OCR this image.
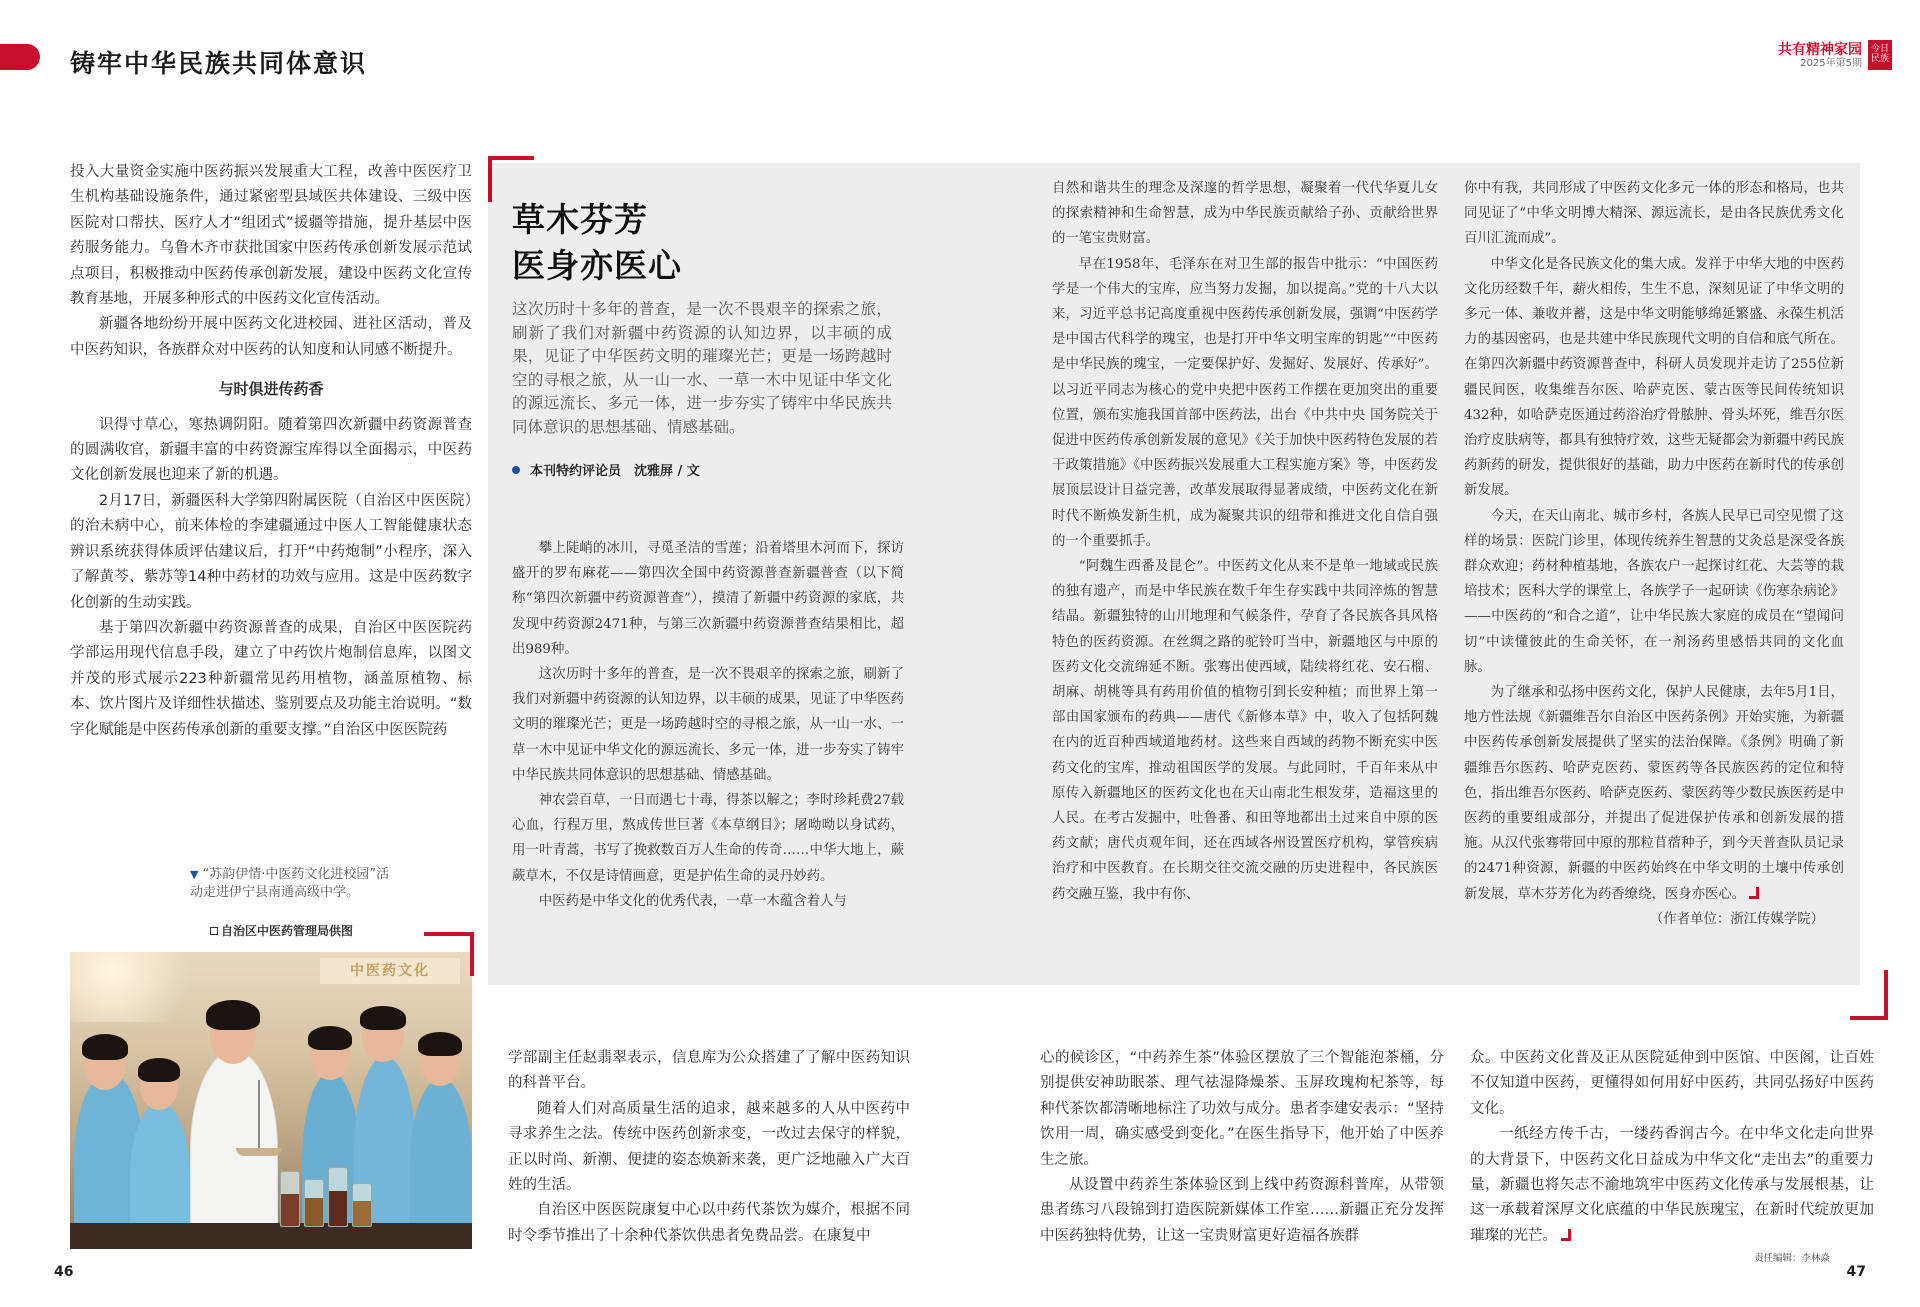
铸牢中华民族共同体意识	共有精神家园
2025年第5期
今日民族

投入大量资金实施中医药振兴发展重大工程，改善中医医疗卫生机构基础设施条件，通过紧密型县域医共体建设、三级中医医院对口帮扶、医疗人才“组团式”援疆等措施，提升基层中医药服务能力。乌鲁木齐市获批国家中医药传承创新发展示范试点项目，积极推动中医药传承创新发展，建设中医药文化宣传教育基地，开展多种形式的中医药文化宣传活动。

新疆各地纷纷开展中医药文化进校园、进社区活动，普及中医药知识，各族群众对中医药的认知度和认同感不断提升。

与时俱进传药香

识得寸草心，寒热调阴阳。随着第四次新疆中药资源普查的圆满收官，新疆丰富的中药资源宝库得以全面揭示，中医药文化创新发展也迎来了新的机遇。

2月17日，新疆医科大学第四附属医院（自治区中医医院）的治未病中心，前来体检的李建疆通过中医人工智能健康状态辨识系统获得体质评估建议后，打开“中药炮制”小程序，深入了解黄芩、紫苏等14种中药材的功效与应用。这是中医药数字化创新的生动实践。

基于第四次新疆中药资源普查的成果，自治区中医医院药学部运用现代信息手段，建立了中药饮片炮制信息库，以图文并茂的形式展示223种新疆常见药用植物，涵盖原植物、标本、饮片图片及详细性状描述、鉴别要点及功能主治说明。“数字化赋能是中医药传承创新的重要支撑。”自治区中医医院药

▼ “苏韵伊情·中医药文化进校园”活动走进伊宁县南通高级中学。
自治区中医药管理局供图
中医药文化

学部副主任赵翡翠表示，信息库为公众搭建了了解中医药知识的科普平台。

随着人们对高质量生活的追求，越来越多的人从中医药中寻求养生之法。传统中医药创新求变，一改过去保守的样貌，正以时尚、新潮、便捷的姿态焕新来袭，更广泛地融入广大百姓的生活。

自治区中医医院康复中心以中药代茶饮为媒介，根据不同时令季节推出了十余种代茶饮供患者免费品尝。在康复中

46
草木芬芳
医身亦医心
这次历时十多年的普查，是一次不畏艰辛的探索之旅，刷新了我们对新疆中药资源的认知边界，以丰硕的成果，见证了中华医药文明的璀璨光芒；更是一场跨越时空的寻根之旅，从一山一水、一草一木中见证中华文化的源远流长、多元一体，进一步夯实了铸牢中华民族共同体意识的思想基础、情感基础。
本刊特约评论员　沈雅屏 / 文

攀上陡峭的冰川，寻觅圣洁的雪莲；沿着塔里木河而下，探访盛开的罗布麻花——第四次全国中药资源普查新疆普查（以下简称“第四次新疆中药资源普查”），摸清了新疆中药资源的家底，共发现中药资源2471种，与第三次新疆中药资源普查结果相比，超出989种。

这次历时十多年的普查，是一次不畏艰辛的探索之旅，刷新了我们对新疆中药资源的认知边界，以丰硕的成果，见证了中华医药文明的璀璨光芒；更是一场跨越时空的寻根之旅，从一山一水、一草一木中见证中华文化的源远流长、多元一体，进一步夯实了铸牢中华民族共同体意识的思想基础、情感基础。

神农尝百草，一日而遇七十毒，得茶以解之；李时珍耗费27载心血，行程万里，熬成传世巨著《本草纲目》；屠呦呦以身试药，用一叶青蒿，书写了挽救数百万人生命的传奇……中华大地上，蕨蕨草木，不仅是诗情画意，更是护佑生命的灵丹妙药。

中医药是中华文化的优秀代表，一草一木蕴含着人与

自然和谐共生的理念及深邃的哲学思想，凝聚着一代代华夏儿女的探索精神和生命智慧，成为中华民族贡献给子孙、贡献给世界的一笔宝贵财富。

早在1958年，毛泽东在对卫生部的报告中批示：“中国医药学是一个伟大的宝库，应当努力发掘，加以提高。”党的十八大以来，习近平总书记高度重视中医药传承创新发展，强调“中医药学是中国古代科学的瑰宝，也是打开中华文明宝库的钥匙”“中医药是中华民族的瑰宝，一定要保护好、发掘好、发展好、传承好”。以习近平同志为核心的党中央把中医药工作摆在更加突出的重要位置，颁布实施我国首部中医药法，出台《中共中央 国务院关于促进中医药传承创新发展的意见》《关于加快中医药特色发展的若干政策措施》《中医药振兴发展重大工程实施方案》等，中医药发展顶层设计日益完善，改革发展取得显著成绩，中医药文化在新时代不断焕发新生机，成为凝聚共识的纽带和推进文化自信自强的一个重要抓手。

“阿魏生西番及昆仑”。中医药文化从来不是单一地域或民族的独有遗产，而是中华民族在数千年生存实践中共同淬炼的智慧结晶。新疆独特的山川地理和气候条件，孕育了各民族各具风格特色的医药资源。在丝绸之路的驼铃叮当中，新疆地区与中原的医药文化交流绵延不断。张骞出使西域，陆续将红花、安石榴、胡麻、胡桃等具有药用价值的植物引到长安种植；而世界上第一部由国家颁布的药典——唐代《新修本草》中，收入了包括阿魏在内的近百种西域道地药材。这些来自西域的药物不断充实中医药文化的宝库，推动祖国医学的发展。与此同时，千百年来从中原传入新疆地区的医药文化也在天山南北生根发芽，造福这里的人民。在考古发掘中，吐鲁番、和田等地都出土过来自中原的医药文献；唐代贞观年间，还在西域各州设置医疗机构，掌管疾病治疗和中医教育。在长期交往交流交融的历史进程中，各民族医药交融互鉴，我中有你、

你中有我，共同形成了中医药文化多元一体的形态和格局，也共同见证了“中华文明博大精深、源远流长，是由各民族优秀文化百川汇流而成”。

中华文化是各民族文化的集大成。发祥于中华大地的中医药文化历经数千年，薪火相传，生生不息，深刻见证了中华文明的多元一体、兼收并蓄，这是中华文明能够绵延繁盛、永葆生机活力的基因密码，也是共建中华民族现代文明的自信和底气所在。在第四次新疆中药资源普查中，科研人员发现并走访了255位新疆民间医，收集维吾尔医、哈萨克医、蒙古医等民间传统知识432种，如哈萨克医通过药浴治疗骨脓肿、骨头坏死，维吾尔医治疗皮肤病等，都具有独特疗效，这些无疑都会为新疆中药民族药新药的研发，提供很好的基础，助力中医药在新时代的传承创新发展。

今天，在天山南北、城市乡村，各族人民早已司空见惯了这样的场景：医院门诊里，体现传统养生智慧的艾灸总是深受各族群众欢迎；药材种植基地，各族农户一起探讨红花、大芸等的栽培技术；医科大学的课堂上，各族学子一起研读《伤寒杂病论》——中医药的“和合之道”，让中华民族大家庭的成员在“望闻问切”中读懂彼此的生命关怀，在一剂汤药里感悟共同的文化血脉。

为了继承和弘扬中医药文化，保护人民健康，去年5月1日，地方性法规《新疆维吾尔自治区中医药条例》开始实施，为新疆中医药传承创新发展提供了坚实的法治保障。《条例》明确了新疆维吾尔医药、哈萨克医药、蒙医药等各民族医药的定位和特色，指出维吾尔医药、哈萨克医药、蒙医药等少数民族医药是中医药的重要组成部分，并提出了促进保护传承和创新发展的措施。从汉代张骞带回中原的那粒苜蓿种子，到今天普查队员记录的2471种资源，新疆的中医药始终在中华文明的土壤中传承创新发展，草木芬芳化为药香缭绕，医身亦医心。

（作者单位：浙江传媒学院）

心的候诊区，“中药养生茶”体验区摆放了三个智能泡茶桶，分别提供安神助眠茶、理气祛湿降燥茶、玉屏玫瑰枸杞茶等，每种代茶饮都清晰地标注了功效与成分。患者李建安表示：“坚持饮用一周，确实感受到变化。”在医生指导下，他开始了中医养生之旅。

从设置中药养生茶体验区到上线中药资源科普库，从带领患者练习八段锦到打造医院新媒体工作室……新疆正充分发挥中医药独特优势，让这一宝贵财富更好造福各族群

众。中医药文化普及正从医院延伸到中医馆、中医阁，让百姓不仅知道中医药，更懂得如何用好中医药，共同弘扬好中医药文化。

一纸经方传千古，一缕药香润古今。在中华文化走向世界的大背景下，中医药文化日益成为中华文化“走出去”的重要力量，新疆也将矢志不渝地筑牢中医药文化传承与发展根基，让这一承载着深厚文化底蕴的中华民族瑰宝，在新时代绽放更加璀璨的光芒。

责任编辑：李林焱
47
